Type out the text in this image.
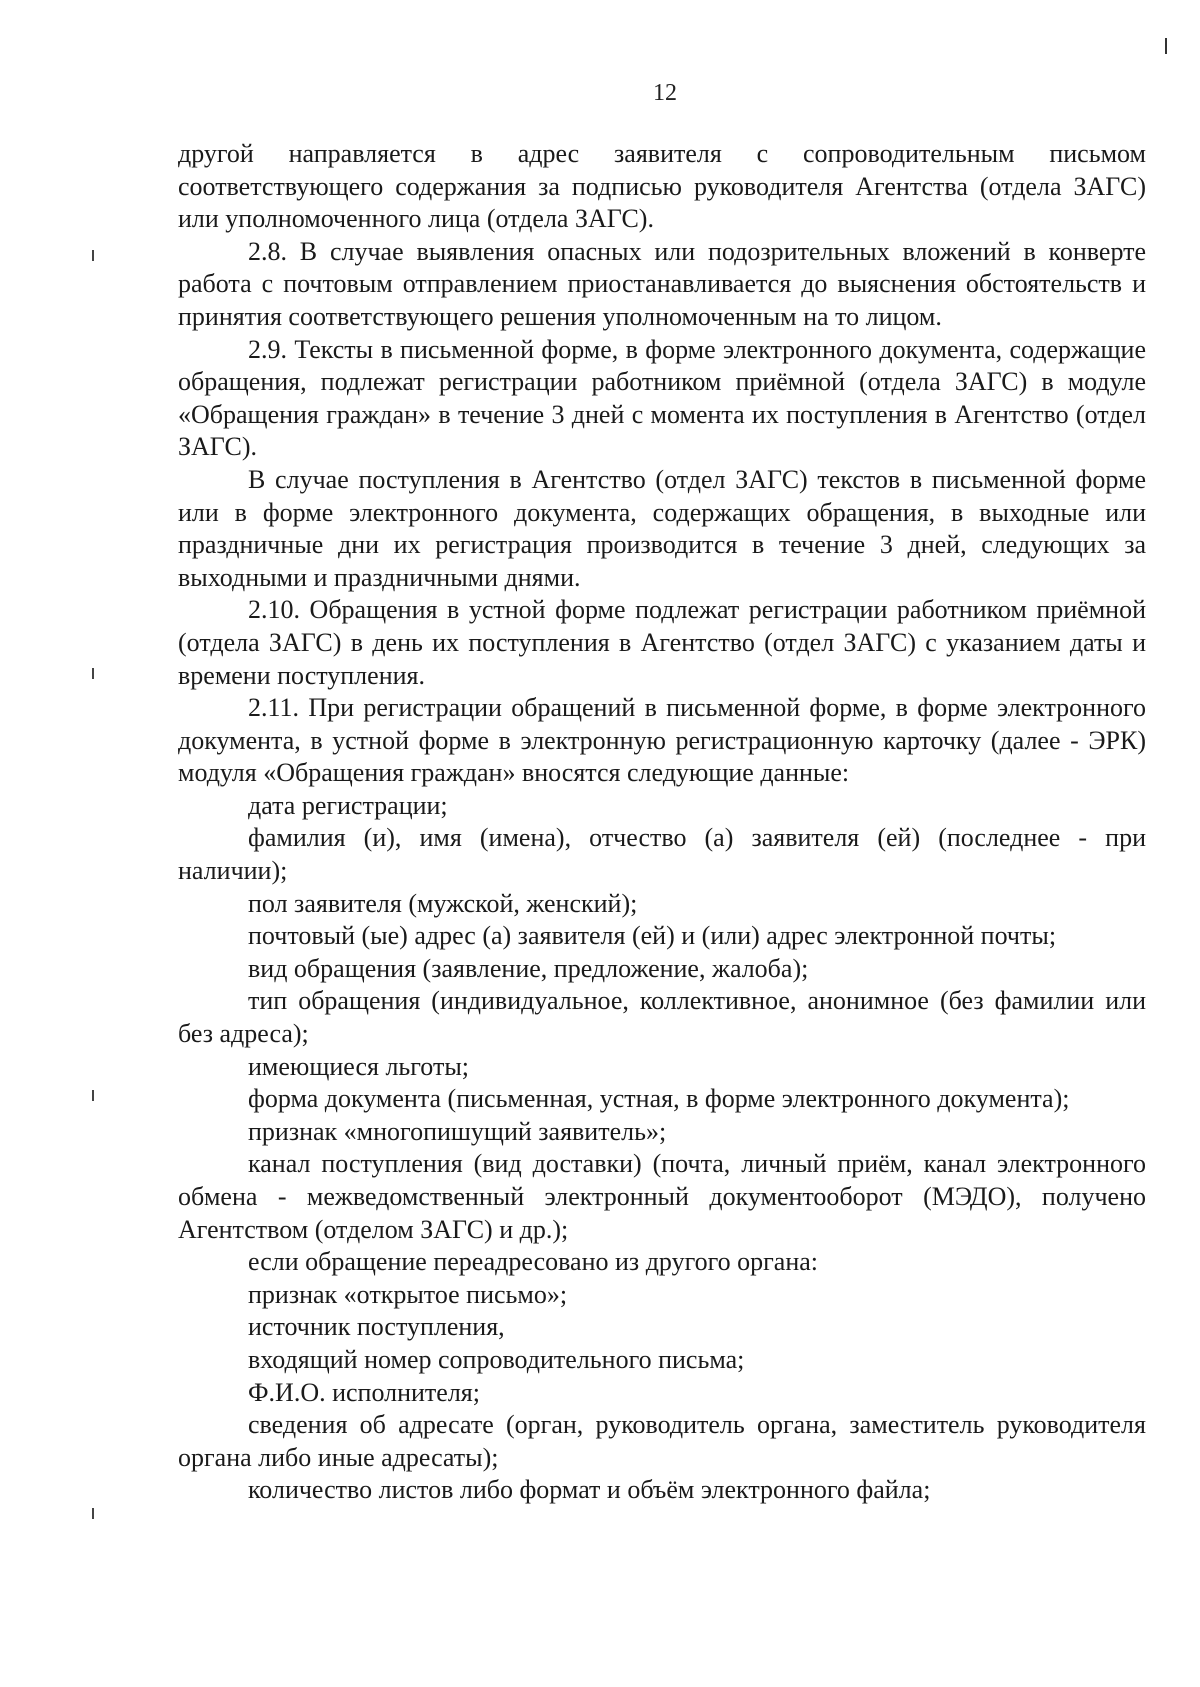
12

другой направляется в адрес заявителя с сопроводительным письмом соответствующего содержания за подписью руководителя Агентства (отдела ЗАГС) или уполномоченного лица (отдела ЗАГС).

2.8. В случае выявления опасных или подозрительных вложений в конверте работа с почтовым отправлением приостанавливается до выяснения обстоятельств и принятия соответствующего решения уполномоченным на то лицом.

2.9. Тексты в письменной форме, в форме электронного документа, содержащие обращения, подлежат регистрации работником приёмной (отдела ЗАГС) в модуле «Обращения граждан» в течение 3 дней с момента их поступления в Агентство (отдел ЗАГС).

В случае поступления в Агентство (отдел ЗАГС) текстов в письменной форме или в форме электронного документа, содержащих обращения, в выходные или праздничные дни их регистрация производится в течение 3 дней, следующих за выходными и праздничными днями.

2.10. Обращения в устной форме подлежат регистрации работником приёмной (отдела ЗАГС) в день их поступления в Агентство (отдел ЗАГС) с указанием даты и времени поступления.

2.11. При регистрации обращений в письменной форме, в форме электронного документа, в устной форме в электронную регистрационную карточку (далее - ЭРК) модуля «Обращения граждан» вносятся следующие данные:

дата регистрации;

фамилия (и), имя (имена), отчество (а) заявителя (ей) (последнее - при наличии);

пол заявителя (мужской, женский);

почтовый (ые) адрес (а) заявителя (ей) и (или) адрес электронной почты;

вид обращения (заявление, предложение, жалоба);

тип обращения (индивидуальное, коллективное, анонимное (без фамилии или без адреса);

имеющиеся льготы;

форма документа (письменная, устная, в форме электронного документа);

признак «многопишущий заявитель»;

канал поступления (вид доставки) (почта, личный приём, канал электронного обмена - межведомственный электронный документооборот (МЭДО), получено Агентством (отделом ЗАГС) и др.);

если обращение переадресовано из другого органа:

признак «открытое письмо»;

источник поступления,

входящий номер сопроводительного письма;

Ф.И.О. исполнителя;

сведения об адресате (орган, руководитель органа, заместитель руководителя органа либо иные адресаты);

количество листов либо формат и объём электронного файла;
